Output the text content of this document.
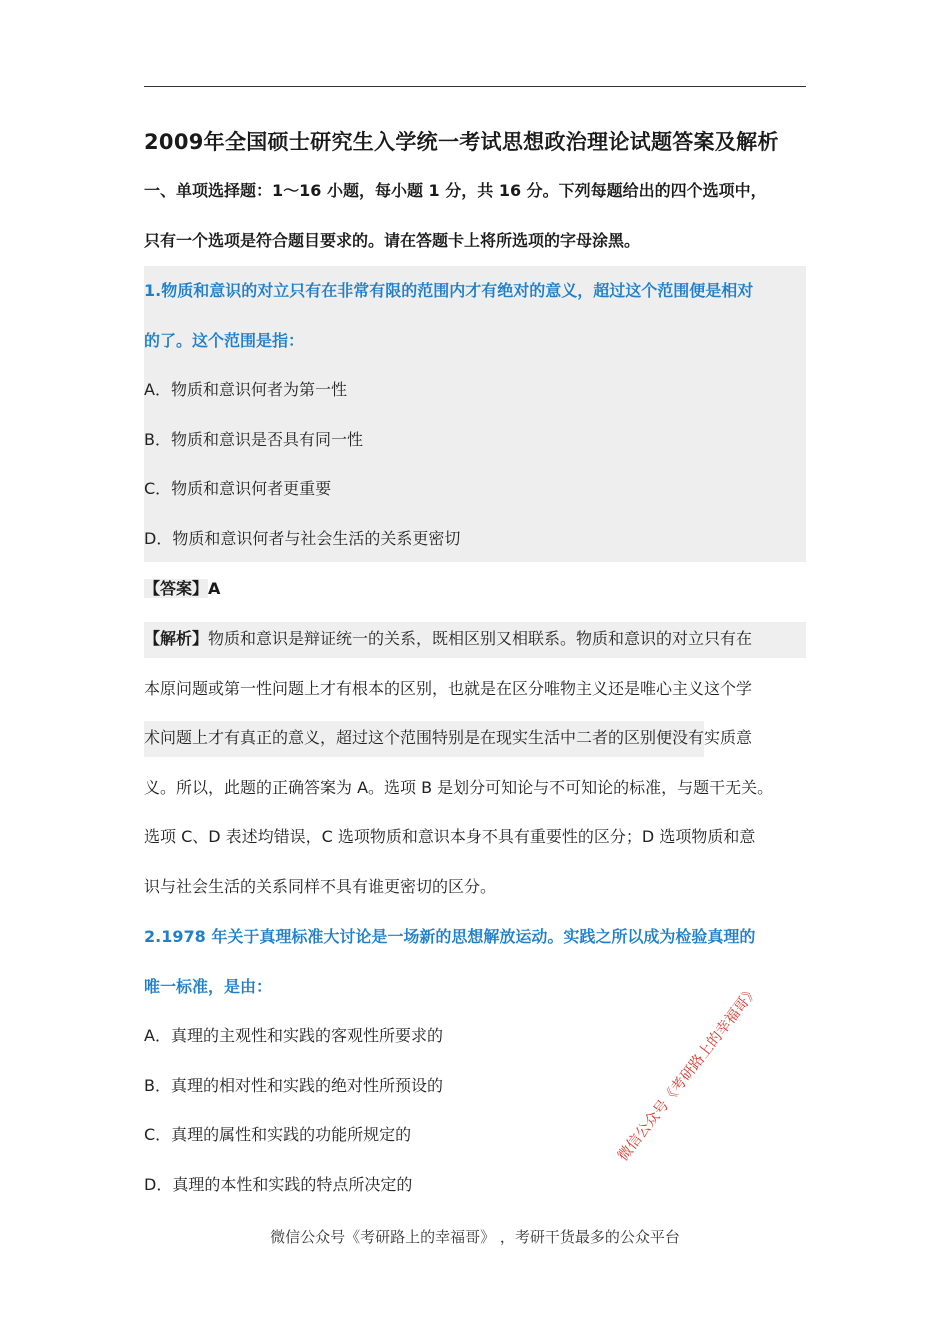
2009年全国硕士研究生入学统一考试思想政治理论试题答案及解析
一、单项选择题：1～16 小题，每小题 1 分，共 16 分。下列每题给出的四个选项中，
只有一个选项是符合题目要求的。请在答题卡上将所选项的字母涂黑。
1.物质和意识的对立只有在非常有限的范围内才有绝对的意义，超过这个范围便是相对
的了。这个范围是指：
A．物质和意识何者为第一性
B．物质和意识是否具有同一性
C．物质和意识何者更重要
D．物质和意识何者与社会生活的关系更密切
【答案】A
【解析】物质和意识是辩证统一的关系，既相区别又相联系。物质和意识的对立只有在
本原问题或第一性问题上才有根本的区别，也就是在区分唯物主义还是唯心主义这个学
术问题上才有真正的意义，超过这个范围特别是在现实生活中二者的区别便没有实质意
义。所以，此题的正确答案为 A。选项 B 是划分可知论与不可知论的标准，与题干无关。
选项 C、D 表述均错误，C 选项物质和意识本身不具有重要性的区分；D 选项物质和意
识与社会生活的关系同样不具有谁更密切的区分。
2.1978 年关于真理标准大讨论是一场新的思想解放运动。实践之所以成为检验真理的
唯一标准，是由：
A．真理的主观性和实践的客观性所要求的
B．真理的相对性和实践的绝对性所预设的
C．真理的属性和实践的功能所规定的
D．真理的本性和实践的特点所决定的
微信公众号《考研路上的幸福哥》
微信公众号《考研路上的幸福哥》 ，考研干货最多的公众平台
